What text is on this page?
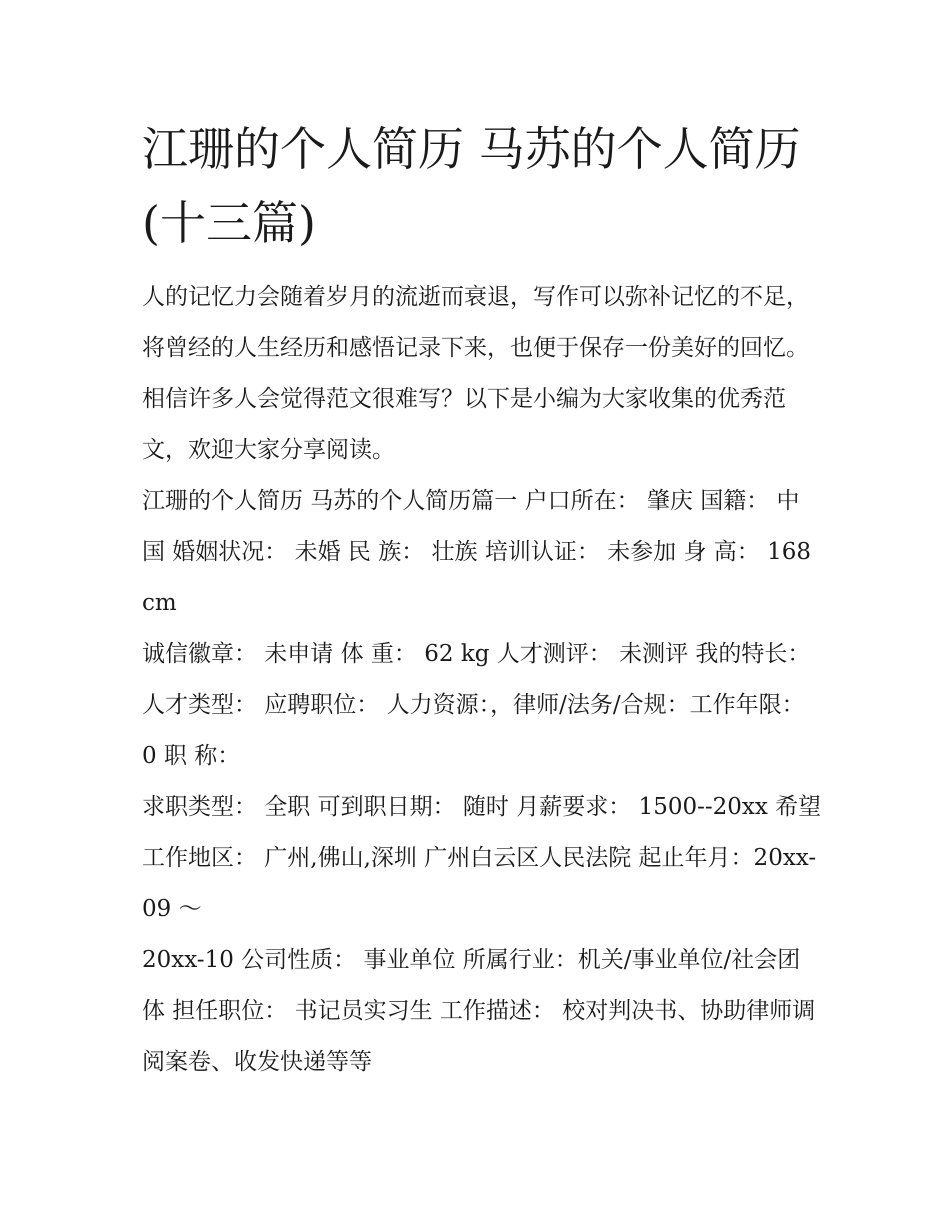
江珊的个人简历 马苏的个人简历(十三篇)

人的记忆力会随着岁月的流逝而衰退，写作可以弥补记忆的不足，将曾经的人生经历和感悟记录下来，也便于保存一份美好的回忆。相信许多人会觉得范文很难写？以下是小编为大家收集的优秀范文，欢迎大家分享阅读。

江珊的个人简历 马苏的个人简历篇一 户口所在： 肇庆 国籍： 中国 婚姻状况： 未婚 民 族： 壮族 培训认证： 未参加 身 高： 168 cm

诚信徽章： 未申请 体 重： 62 kg 人才测评： 未测评 我的特长： 人才类型： 应聘职位： 人力资源：，律师/法务/合规：工作年限： 0 职 称：

求职类型： 全职 可到职日期： 随时 月薪要求： 1500--20xx 希望工作地区： 广州,佛山,深圳 广州白云区人民法院 起止年月：20xx-09 ～

20xx-10 公司性质： 事业单位 所属行业：机关/事业单位/社会团体 担任职位： 书记员实习生 工作描述： 校对判决书、协助律师调阅案卷、收发快递等等
